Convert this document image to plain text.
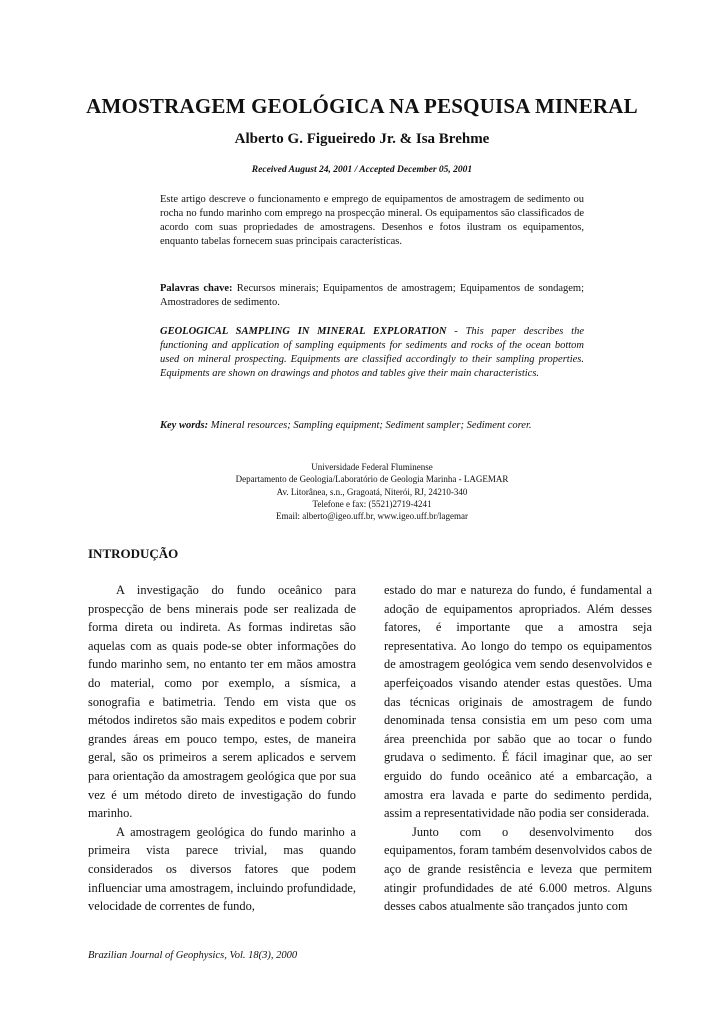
AMOSTRAGEM GEOLÓGICA NA PESQUISA MINERAL
Alberto G. Figueiredo Jr. & Isa Brehme

Received August 24, 2001 / Accepted December 05, 2001

Este artigo descreve o funcionamento e emprego de equipamentos de amostragem de sedimento ou rocha no fundo marinho com emprego na prospecção mineral. Os equipamentos são classificados de acordo com suas propriedades de amostragens. Desenhos e fotos ilustram os equipamentos, enquanto tabelas fornecem suas principais características.

Palavras chave: Recursos minerais; Equipamentos de amostragem; Equipamentos de sondagem; Amostradores de sedimento.

GEOLOGICAL SAMPLING IN MINERAL EXPLORATION - This paper describes the functioning and application of sampling equipments for sediments and rocks of the ocean bottom used on mineral prospecting. Equipments are classified accordingly to their sampling properties. Equipments are shown on drawings and photos and tables give their main characteristics.

Key words: Mineral resources; Sampling equipment; Sediment sampler; Sediment corer.

Universidade Federal Fluminense
Departamento de Geologia/Laboratório de Geologia Marinha - LAGEMAR
Av. Litorânea, s.n., Gragoatá, Niterói, RJ, 24210-340
Telefone e fax: (5521)2719-4241
Email: alberto@igeo.uff.br, www.igeo.uff.br/lagemar
INTRODUÇÃO

A investigação do fundo oceânico para prospecção de bens minerais pode ser realizada de forma direta ou indireta. As formas indiretas são aquelas com as quais pode-se obter informações do fundo marinho sem, no entanto ter em mãos amostra do material, como por exemplo, a sísmica, a sonografia e batimetria. Tendo em vista que os métodos indiretos são mais expeditos e podem cobrir grandes áreas em pouco tempo, estes, de maneira geral, são os primeiros a serem aplicados e servem para orientação da amostragem geológica que por sua vez é um método direto de investigação do fundo marinho.

A amostragem geológica do fundo marinho a primeira vista parece trivial, mas quando considerados os diversos fatores que podem influenciar uma amostragem, incluindo profundidade, velocidade de correntes de fundo,

estado do mar e natureza do fundo, é fundamental a adoção de equipamentos apropriados. Além desses fatores, é importante que a amostra seja representativa. Ao longo do tempo os equipamentos de amostragem geológica vem sendo desenvolvidos e aperfeiçoados visando atender estas questões. Uma das técnicas originais de amostragem de fundo denominada tensa consistia em um peso com uma área preenchida por sabão que ao tocar o fundo grudava o sedimento. É fácil imaginar que, ao ser erguido do fundo oceânico até a embarcação, a amostra era lavada e parte do sedimento perdida, assim a representatividade não podia ser considerada.

Junto com o desenvolvimento dos equipamentos, foram também desenvolvidos cabos de aço de grande resistência e leveza que permitem atingir profundidades de até 6.000 metros. Alguns desses cabos atualmente são trançados junto com

Brazilian Journal of Geophysics, Vol. 18(3), 2000
